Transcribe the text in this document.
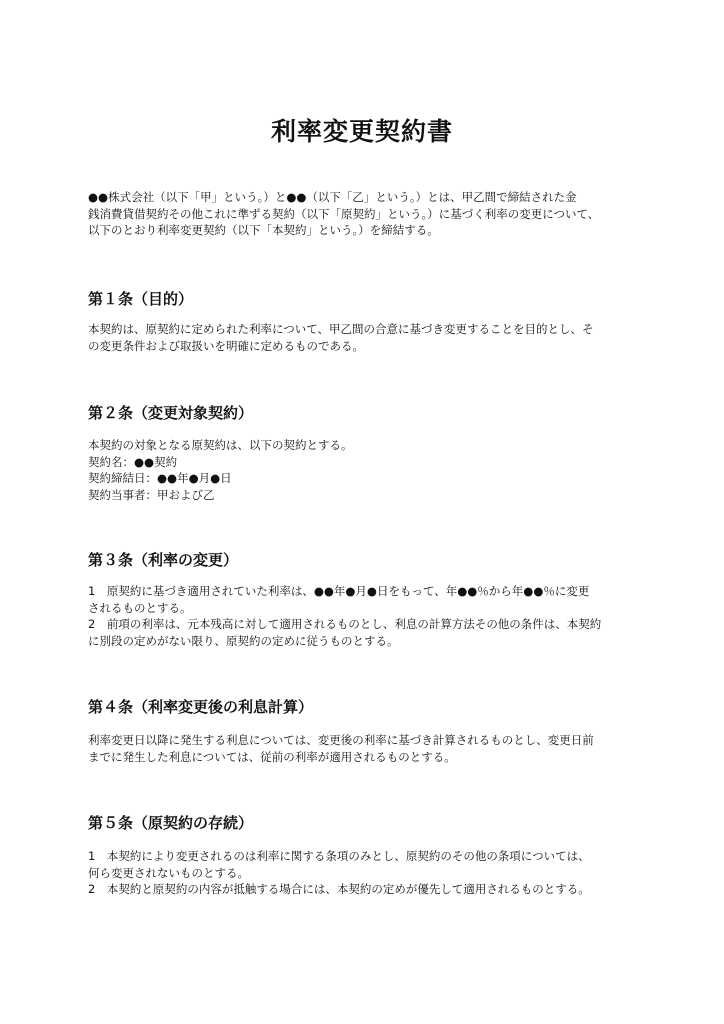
利率変更契約書
●●株式会社（以下「甲」という。）と●●（以下「乙」という。）とは、甲乙間で締結された金
銭消費貸借契約その他これに準ずる契約（以下「原契約」という。）に基づく利率の変更について、
以下のとおり利率変更契約（以下「本契約」という。）を締結する。
第１条（目的）
本契約は、原契約に定められた利率について、甲乙間の合意に基づき変更することを目的とし、そ
の変更条件および取扱いを明確に定めるものである。
第２条（変更対象契約）
本契約の対象となる原契約は、以下の契約とする。
契約名：●●契約
契約締結日：●●年●月●日
契約当事者：甲および乙
第３条（利率の変更）
1　原契約に基づき適用されていた利率は、●●年●月●日をもって、年●●％から年●●％に変更
されるものとする。
2　前項の利率は、元本残高に対して適用されるものとし、利息の計算方法その他の条件は、本契約
に別段の定めがない限り、原契約の定めに従うものとする。
第４条（利率変更後の利息計算）
利率変更日以降に発生する利息については、変更後の利率に基づき計算されるものとし、変更日前
までに発生した利息については、従前の利率が適用されるものとする。
第５条（原契約の存続）
1　本契約により変更されるのは利率に関する条項のみとし、原契約のその他の条項については、
何ら変更されないものとする。
2　本契約と原契約の内容が抵触する場合には、本契約の定めが優先して適用されるものとする。
